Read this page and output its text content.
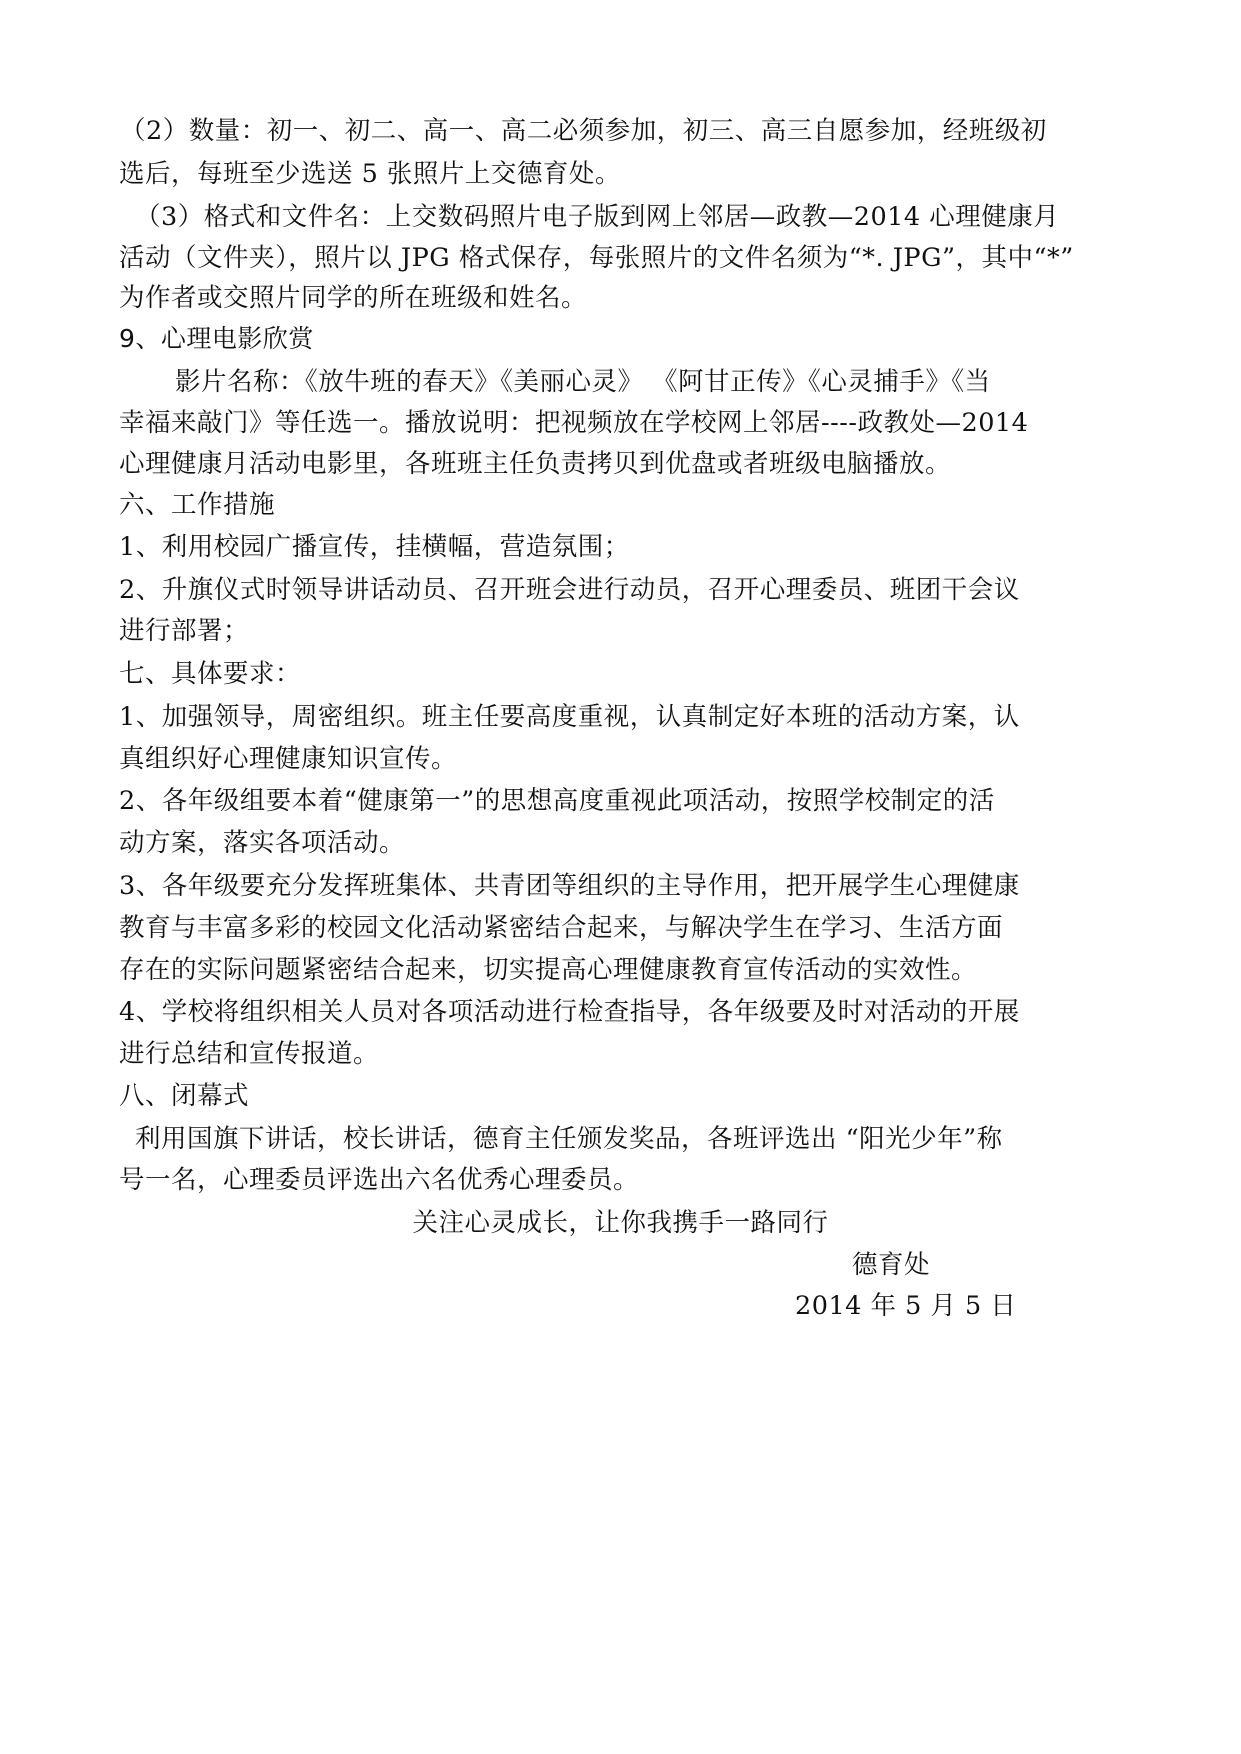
（2）数量：初一、初二、高一、高二必须参加，初三、高三自愿参加，经班级初
选后，每班至少选送 5 张照片上交德育处。
（3）格式和文件名：上交数码照片电子版到网上邻居—政教—2014 心理健康月
活动（文件夹），照片以 JPG 格式保存，每张照片的文件名须为“*. JPG”，其中“*”
为作者或交照片同学的所在班级和姓名。
9、心理电影欣赏
影片名称：《放牛班的春天》《美丽心灵》 《阿甘正传》《心灵捕手》《当
幸福来敲门》等任选一。播放说明：把视频放在学校网上邻居----政教处—2014
心理健康月活动电影里，各班班主任负责拷贝到优盘或者班级电脑播放。
六、工作措施
1、利用校园广播宣传，挂横幅，营造氛围；
2、升旗仪式时领导讲话动员、召开班会进行动员，召开心理委员、班团干会议
进行部署；
七、具体要求：
1、加强领导，周密组织。班主任要高度重视，认真制定好本班的活动方案，认
真组织好心理健康知识宣传。
2、各年级组要本着“健康第一”的思想高度重视此项活动，按照学校制定的活
动方案，落实各项活动。
3、各年级要充分发挥班集体、共青团等组织的主导作用，把开展学生心理健康
教育与丰富多彩的校园文化活动紧密结合起来，与解决学生在学习、生活方面
存在的实际问题紧密结合起来，切实提高心理健康教育宣传活动的实效性。
4、学校将组织相关人员对各项活动进行检查指导，各年级要及时对活动的开展
进行总结和宣传报道。
八、闭幕式
利用国旗下讲话，校长讲话，德育主任颁发奖品，各班评选出 “阳光少年”称
号一名，心理委员评选出六名优秀心理委员。
关注心灵成长，让你我携手一路同行
德育处
2014 年 5 月 5 日
